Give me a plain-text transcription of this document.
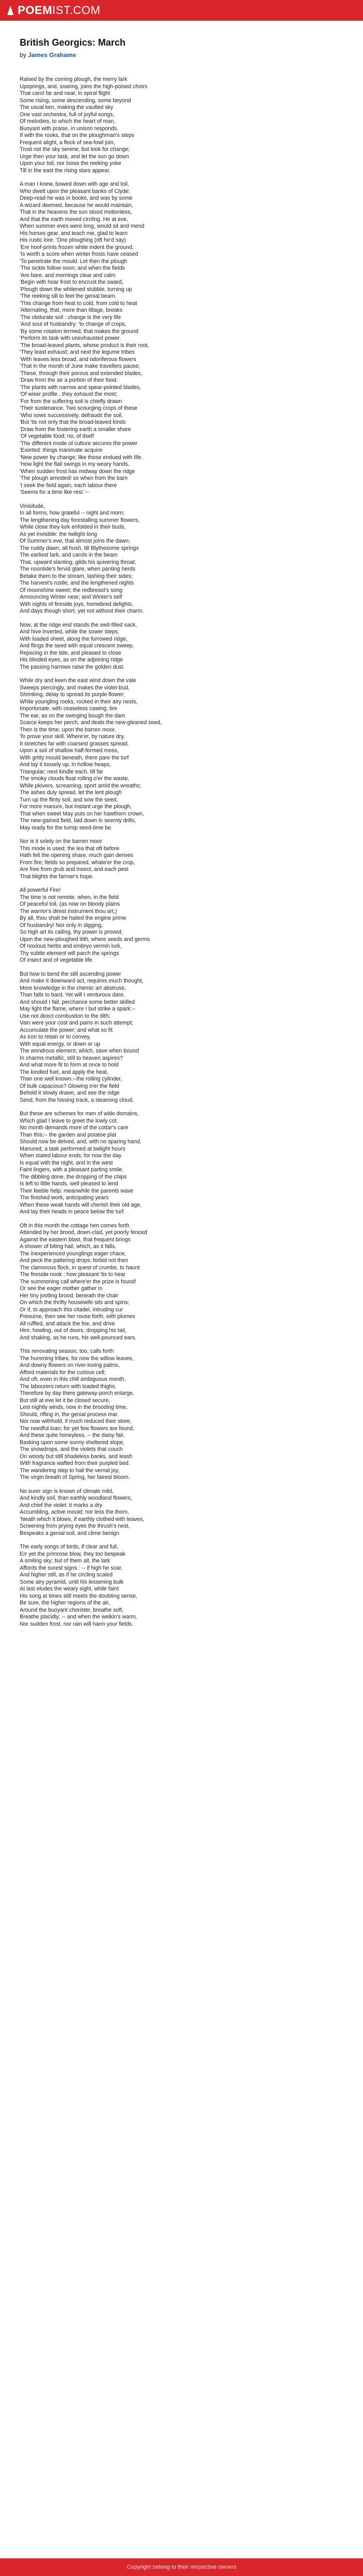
POEM IST.COM
British Georgics: March
by James Grahame
Raised by the coming plough, the merry lark
Upsprings, and, soaring, joins the high-poised choirs
That carol far and near, in spiral flight
Some rising, some descending, some beyond
The usual ken, making the vaulted sky
One vast orchestra, full of joyful songs,
Of melodies, to which the heart of man,
Buoyant with praise, in unison responds.
If with the rooks, that on the ploughman's steps
Frequent alight, a flock of sea-fowl join,
Trust not the sky serene, but look for change;
Urge then your task, and let the sun go down
Upon your toil, nor loose the reeking yoke
Till in the east the rising stars appear.
A man I knew, bowed down with age and toil,
Who dwelt upon the pleasant banks of Clyde;
Deep-read he was in books, and was by some
A wizard deemed, because he would maintain,
That in the heavens the sun stood motionless,
And that the earth moved circling. He at eve,
When summer eves were long, would sit and mend
His horses gear, and teach me, glad to learn
His rustic lore. 'One ploughing (oft he'd say)
'Ere hoof-prints frozen white indent the ground,
'Is worth a score when winter frosts have ceased
'To penetrate the mould. Let then the plough
'The sickle follow soon; and when the fields
'Are bare, and mornings clear and calm
'Begin with hoar frost to encrust the sward,
'Plough down the whitened stubble, turning up
'The reeking sill to feel the genial beam.
'This change from heat to cold, from cold to heat
'Alternating, that, more than tillage, breaks
'The obdurate soil : change is the very life
'And soul of husbandry: 'to change of crops,
'By some rotation termed, that makes the ground
'Perform its task with unexhausted power.
'The broad-leaved plants, whose product is their root,
'They least exhaust; and next the legume tribes
'With leaves less broad, and odoriferous flowers
'That in the month of June make travellers pause;
'These, through their porous and extended blades,
'Draw from the air a portion of their food.
'The plants with narrow and spear-pointed blades,
'Of wiser profile , they exhaust the most;
'For from the suffering soil is chiefly drawn
'Their sustenance. Two scourging crops of these
'Who sows successively, defrauds the soil.
'But 'tis not only that the broad-leaved kinds
'Draw from the fostering earth a smaller share
'Of vegetable food; no, of itself
'The different mode of culture secures the power
'Exerted: things inanimate acquire
'New power by change; like those endued with life.
'How light the flail swings in my weary hands,
'When sudden frost has midway down the ridge
'The plough arrested! so when from the barn
'I seek the field again, each labour there
'Seems for a time like rest.'--
Vinisitude,
In all forms, how grateful -- night and morn;
The lengthening day forestalling summer flowers,
While close they lurk enfolded in their buds,
As yet invisible: the twilight long
Of Summer's eve, that almost joins the dawn;
The ruddy dawn, all hush, till Blythesome springs
The earliest lark, and carols in the beam
That, upward slanting, gilds his quivering throat;
The noontide's fervid glare, when panting herds
Betake them to the stream, lashing their sides;
The harvest's rustle, and the lengthened nights
Of moonshine sweet; the redbreast's song
Announcing Winter near; and Winter's self
With nights of fireside joys, homebred delights,
And days though short, yet not without their charm.
Now, at the ridge end stands the well-filled sack,
And hive inverted, while the sower steps,
With loaded sheet, along the furrowed ridge,
And flings the seed with equal crescent sweep,
Rejoicing in the tide, and pleased to close
His blinded eyes, as on the adjoining ridge
The passing harrows raise the golden dust.
While dry and keen the east wind down the vale
Sweeps piercingly, and makes the violet-bud,
Shrinking, delay to spread its purple flower;
While youngling rooks, rocked in their airy nests,
Importunate, with ceaseless cawing, tire
The ear, as on the swinging bough the dam
Scarce keeps her perch, and deals the new-gleaned seed,
Then is the time, upon the barren moor,
To prove your skill. Where'er, by nature dry,
It stretches far with coarsest grasses spread,
Upon a soil of shallow half-formed moss,
With gritty mould beneath, there pare the turf
And lay it loosely up, in hollow heaps,
Triangular; next kindle each, till far
The smoky clouds float rolling o'er the waste,
While plovers, screaming, sport amid the wreaths;
The ashes duly spread, let the lent plough
Turn up the flinty soil, and sow the seed.
For more manure, but instant urge the plough,
That when sweet May puts on her hawthorn crown,
The new-gained field, laid down in seemly drills,
May ready for the turnip seed-time be.
Nor is it solely on the barren moor
This mode is used; the lea that oft before
Hath felt the opening share, much gain derives
From fire; fields so prepared, whate'er the crop,
Are free from grub and insect, and each pest
That blights the farmer's hope.
All powerful Fire!
The time is not remote, when, in the field
Of peaceful toil, (as now on bloody plains
The warrior's direst instrument thou art,)
By all, thou shalt be hailed the engine prime
Of husbandry! Nor only in digging,
So high art its calling, thy power is proved;
Upon the new-ploughed tilth, where seeds and germs
Of noxious herbs and embryo vermin lurk,
Thy subtle element will parch the springs
Of insect and of vegetable life.
But how to bend the still ascending power
And make it downward act, requires much thought,
More knowledge in the chemic art abstruse,
Than falls to bard. Yet will I venturous dare,
And should I fail, perchance some better skilled
May light the flame, where I but strike a spark:--
Use not direct combustion to the tilth;
Vain were your cost and pains in such attempt;
Accumulate the power; and what so fit
As iron to retain or to convey,
With equal energy, or down or up
The wondrous element, which, save when bound
In charms metallic, still to heaven aspires?
And what more fit to form at once to hold
The kindled fuel, and apply the heat,
Than one well known,--the rolling cylinder,
Of bulk capacious? Glowing o'er the field
Behold it slowly drawn, and see the ridge
Send, from the hissing track, a steaming cloud.
But these are schemes for men of wide domains,
Which glad I leave to greet the lowly cot.
No month demands more of the cottar's care
Than this;-- the garden and potatoe plat
Should now be delved, and, with no sparing hand,
Manured; a task performed at twilight hours
When stated labour ends; for now the day
Is equal with the night, and in the west
Faint lingers, with a pleasant parting smile.
The dibbling done, the dropping of the chips
Is left to little hands, well pleased to lend
Their feeble help: meanwhile the parents wave
The finished work, anticipating years
When these weak hands will cherish their old age,
And lay their heads in peace below the turf.
Oft in this month the cottage hen comes forth
Attended by her brood, down-clad, yet poorly fenced
Against the eastern blast, that frequent brings
A shower of biting hail, which, as it falls,
The inexperienced younglings eager chace,
And peck the pattering drops; forbid not then
The clamorous flock, in quest of crumbs, to haunt
The fireside nook : how pleasant 'tis to hear
The summoning call where'er the prize is found!
Or see the eager mother gather in
Her tiny jostling brood, beneath the chair
On which the thrifty housewife sits and spins;
Or if, to approach this citadel, intruding cur
Presume, then see her rouse forth, with plumes
All ruffled, and attack the foe, and drive
Him, howling, out of doors, dropping his tail,
And shaking, as he runs, his well-pounced ears.
This renovating season, too, calls forth
The humming tribes; for now the willow leaves,
And downy flowers on river-loving palms,
Afford materials for the curious cell;
And oft, even in this chill ambiguous month,
The labourers return with loaded thighs.
Therefore by day there gateway-porch enlarge,
But still at eve let it be closed secure,
Lest nightly winds, now in the brooding time,
Should, rifling in, the genial process mar.
Nor now withhold, if much reduced their store,
The needful loan; for yet few flowers are found,
And these quite honeyless, -- the daisy fair,
Basking upon some sunny sheltered slope,
The snowdrops, and the violets that couch
On woody but still shadeless banks, and leash
With fragrance wafted from their purpled bed.
The wandering step to hail the vernal joy,
The virgin breath of Spring, her fairest bloom.
No surer sign is known of climate mild,
And kindly soil, than earthly woodland flowers,
And chief the violet: it marks a dry
Accumbling, active mould; nor less the thorn,
'Neath which it blows, if earthly clothed with leaves,
Screening from prying eyes the thrush's nest,
Bespeaks a genial soil, and clime benign.
The early songs of birds, if clear and full,
Err yet the primrose blow, they too bespeak
A smiling sky; but of them all, the lark
Affords the surest signs : -- if high he soar,
And higher still, as if he circling scaled
Some airy pyramid, until his lessening bulk
At last eludes the weary sight, while faint
His song at times still meets the doubting sense,
Be sure, the higher regions of the air,
Around the buoyant chorister, breathe soft,
Breathe placidly; -- and when the welkin's warm,
Nor sudden frost, nor rain will harm your fields.
Copyright belong to their respective owners
